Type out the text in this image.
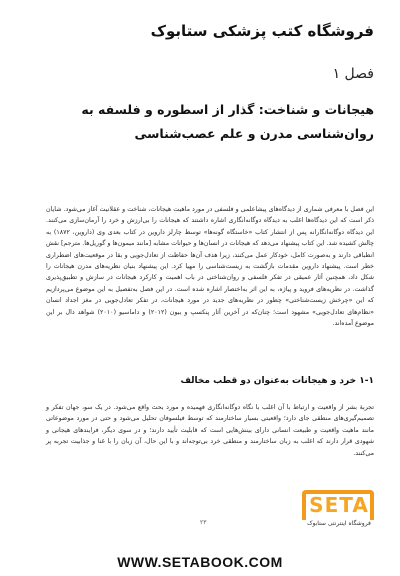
فروشگاه کتب پزشکی ستابوک
فصل ۱
هیجانات و شناخت: گذار از اسطوره و فلسفه به روان‌شناسی مدرن و علم عصب‌شناسی
این فصل با معرفی شماری از دیدگاه‌های پیشاعلمی و فلسفی در مورد ماهیت هیجانات، شناخت و عقلانیت آغاز می‌شود. شایان ذکر است که این دیدگاه‌ها اغلب به دیدگاه دوگانه‌انگاری اشاره داشتند که هیجانات را بی‌ارزش و خرد را آرمان‌سازی می‌کنند. این دیدگاه دوگانه‌انگارانه پس از انتشار کتاب «خاستگاه گونه‌ها» توسط چارلز داروین در کتاب بعدی وی (داروین، ۱۸۷۲) به چالش کشیده شد. این کتاب پیشنهاد می‌دهد که هیجانات در انسان‌ها و حیوانات مشابه [مانند میمون‌ها و گوریل‌ها. مترجم] نقش انطباقی دارند و به‌صورت کامل، خودکار عمل می‌کنند، زیرا هدف آن‌ها حفاظت از تعادل‌جویی و بقا در موقعیت‌های اضطراری خطر است. پیشنهاد داروین مقدمات بازگشت به زیست‌شناسی را مهیا کرد. این پیشنهاد بنیان نظریه‌های مدرن هیجانات را شکل داد، همچنین آثار عمیقی در تفکر فلسفی و روان‌شناختی در باب اهمیت و کارکرد هیجانات در سازش و تطبیق‌پذیری گذاشت. در نظریه‌های فروید و پیاژه، به‌ این اثر به‌اختصار اشاره شده است. در این فصل به‌تفصیل به این موضوع می‌پردازیم که این «چرخش زیست‌شناختی» چطور در نظریه‌های جدید در مورد هیجانات، در تفکر تعادل‌جویی در مغز اجداد انسان «نظام‌های تعادل‌جویی» مشهود است؛ چنان‌که در آخرین آثار پنکسپ و بیون (۲۰۱۲) و داماسیو (۲۰۱۰) شواهد دال بر این موضوع آمده‌اند.
۱-۱ خرد و هیجانات به‌عنوان دو قطب مخالف
تجربهٔ بشر از واقعیت و ارتباط با آن اغلب با نگاه دوگانه‌انگاری فهمیده و مورد بحث واقع می‌شود. در یک سو، جهان تفکر و تصمیم‌گیری‌های منطقی جای دارد؛ واقعیتی بسیار ساختارمند که توسط فیلسوفان تحلیل می‌شود و حتی در مورد موضوعاتی مانند ماهیت واقعیت و طبیعت انسانی دارای بینش‌هایی است که قابلیت تأیید دارند؛ و در سوی دیگر، فرایندهای هیجانی و شهودی قرار دارند که اغلب به زبان ساختارمند و منطقی خرد بی‌توجه‌اند و با این حال، آن زبان را با غنا و جذابیت تجربه پر می‌کنند.
۲۳
SETA
فروشگاه اینترنتی ستابوک
WWW.SETABOOK.COM
